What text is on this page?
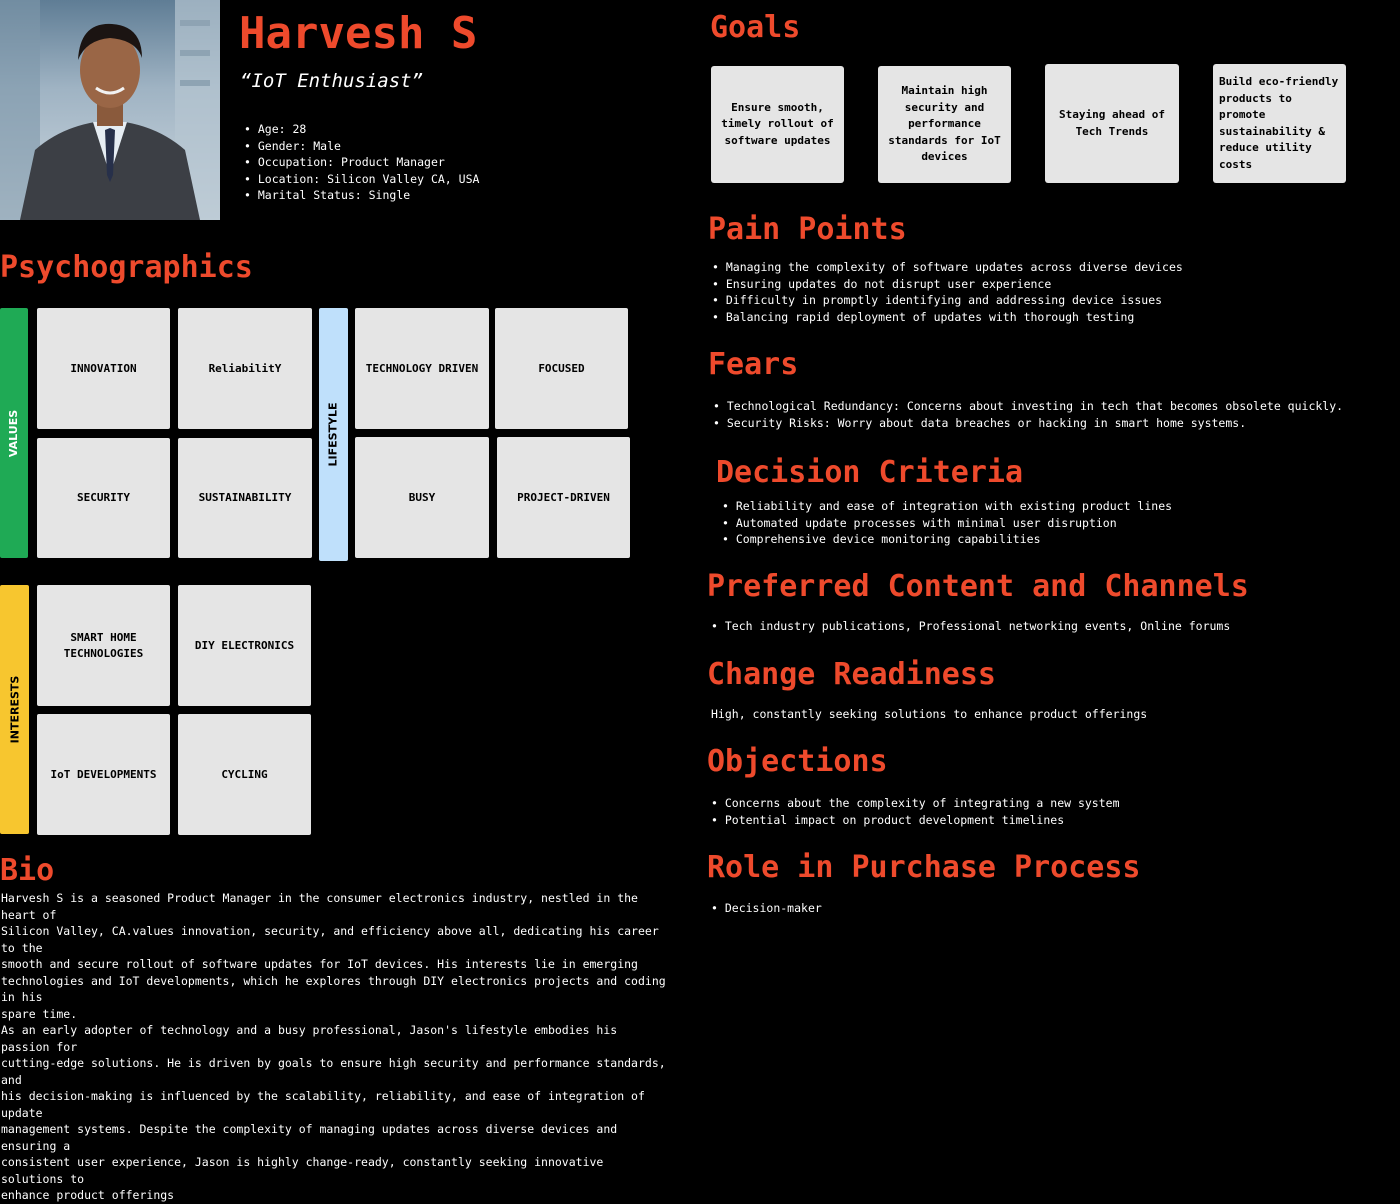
Harvesh S
“IoT Enthusiast”
• Age: 28
• Gender: Male
• Occupation: Product Manager
• Location: Silicon Valley CA, USA
• Marital Status: Single
Psychographics
VALUES
INNOVATION	ReliabilitY
SECURITY	SUSTAINABILITY
LIFESTYLE
TECHNOLOGY DRIVEN	FOCUSED
BUSY	PROJECT-DRIVEN
INTERESTS
SMART HOME
TECHNOLOGIES
DIY ELECTRONICS
IoT DEVELOPMENTS	CYCLING
Bio

Harvesh S is a seasoned Product Manager in the consumer electronics industry, nestled in the heart of
Silicon Valley, CA.values innovation, security, and efficiency above all, dedicating his career to the
smooth and secure rollout of software updates for IoT devices. His interests lie in emerging
technologies and IoT developments, which he explores through DIY electronics projects and coding in his
spare time.

As an early adopter of technology and a busy professional, Jason's lifestyle embodies his passion for
cutting-edge solutions. He is driven by goals to ensure high security and performance standards, and
his decision-making is influenced by the scalability, reliability, and ease of integration of update
management systems. Despite the complexity of managing updates across diverse devices and ensuring a
consistent user experience, Jason is highly change-ready, constantly seeking innovative solutions to
enhance product offerings

Goals
Ensure smooth,
timely rollout of
software updates
Maintain high
security and
performance
standards for IoT
devices
Staying ahead of
Tech Trends
Build eco-friendly
products to
promote
sustainability &
reduce utility
costs
Pain Points
• Managing the complexity of software updates across diverse devices
• Ensuring updates do not disrupt user experience
• Difficulty in promptly identifying and addressing device issues
• Balancing rapid deployment of updates with thorough testing
Fears
• Technological Redundancy: Concerns about investing in tech that becomes obsolete quickly.
• Security Risks: Worry about data breaches or hacking in smart home systems.
Decision Criteria
• Reliability and ease of integration with existing product lines
• Automated update processes with minimal user disruption
• Comprehensive device monitoring capabilities
Preferred Content and Channels
• Tech industry publications, Professional networking events, Online forums
Change Readiness
High, constantly seeking solutions to enhance product offerings
Objections
• Concerns about the complexity of integrating a new system
• Potential impact on product development timelines
Role in Purchase Process
• Decision-maker
